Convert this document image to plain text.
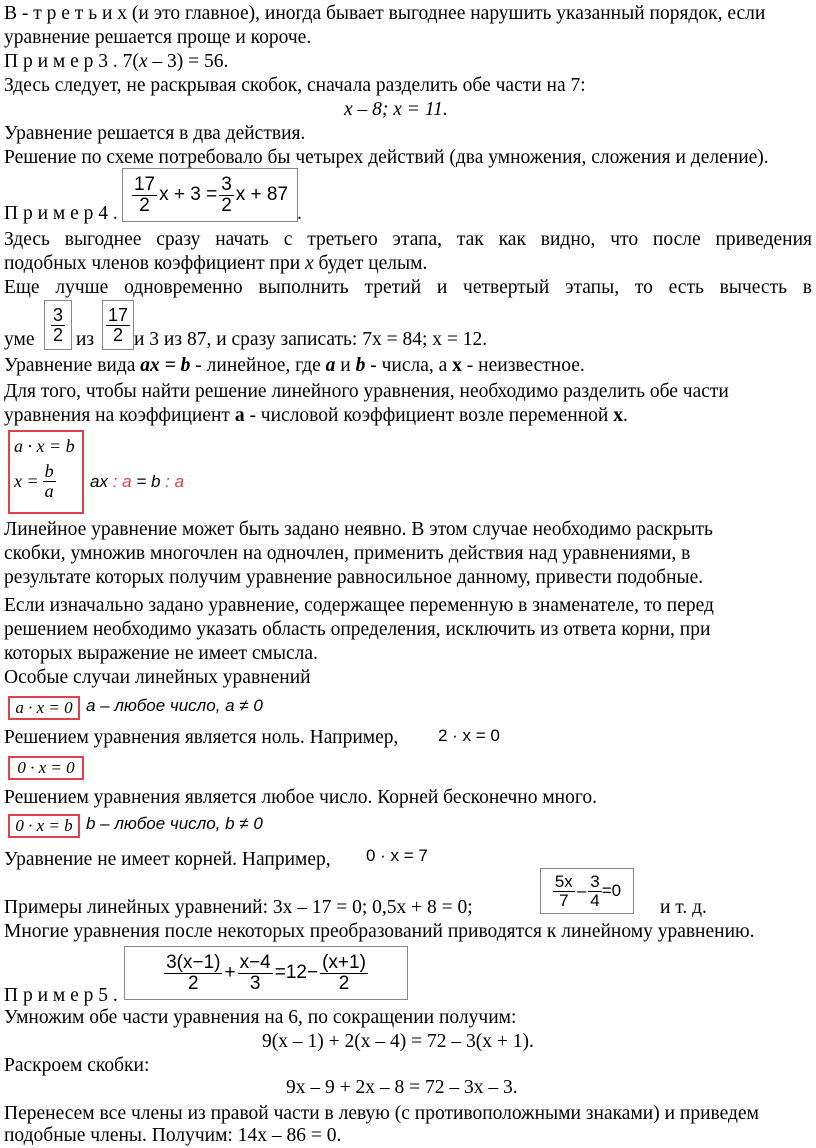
В - т р е т ь и х (и это главное), иногда бывает выгоднее нарушить указанный порядок, если
уравнение решается проще и короче.
П р и м е р 3 . 7(x – 3) = 56.
Здесь следует, не раскрывая скобок, сначала разделить обе части на 7:
x – 8; x = 11.
Уравнение решается в два действия.
Решение по схеме потребовало бы четырех действий (два умножения, сложения и деление).
П р и м е р 4 . $\frac{17}{2}$ $x + 3 = \frac{3}{2}$ x + 87
.
Здесь выгоднее сразу начать с третьего этапа, так как видно, что после приведения
подобных членов коэффициент при x будет целым.
Еще лучше одновременно выполнить третий и четвертый этапы, то есть вычесть в
уме $\frac{3}{2}$ из $\frac{17}{2}$ и 3 из 87, и сразу записать: 7x = 84; x = 12.
Уравнение вида ax = b - линейное, где a и b - числа, а x - неизвестное.
Для того, чтобы найти решение линейного уравнения, необходимо разделить обе части
уравнения на коэффициент a - числовой коэффициент возле переменной x.
a · x = b
$x = \frac{b}{a}$ ax : a = b : a
Линейное уравнение может быть задано неявно. В этом случае необходимо раскрыть
скобки, умножив многочлен на одночлен, применить действия над уравнениями, в
результате которых получим уравнение равносильное данному, привести подобные.
Если изначально задано уравнение, содержащее переменную в знаменателе, то перед
решением необходимо указать область определения, исключить из ответа корни, при
которых выражение не имеет смысла.
Особые случаи линейных уравнений
a · x = 0 a – любое число, a ≠ 0
Решением уравнения является ноль. Например, 2 · x = 0
0 · x = 0
Решением уравнения является любое число. Корней бесконечно много.
0 · x = b b – любое число, b ≠ 0
Уравнение не имеет корней. Например, 0 · x = 7
Примеры линейных уравнений: 3x – 17 = 0; 0,5x + 8 = 0;	$\frac{5x}{7} - \frac{3}{4} =0$
и т. д.
Многие уравнения после некоторых преобразований приводятся к линейному уравнению.
П р и м е р 5 .
$\frac{3(x-1)}{2} + \frac{x-4}{3} =12- \frac{(x+1)}{2}$
Умножим обе части уравнения на 6, по сокращении получим:
9(x – 1) + 2(x – 4) = 72 – 3(x + 1).
Раскроем скобки:
9x – 9 + 2x – 8 = 72 – 3x – 3.
Перенесем все члены из правой части в левую (с противоположными знаками) и приведем
подобные члены. Получим: 14x – 86 = 0.
